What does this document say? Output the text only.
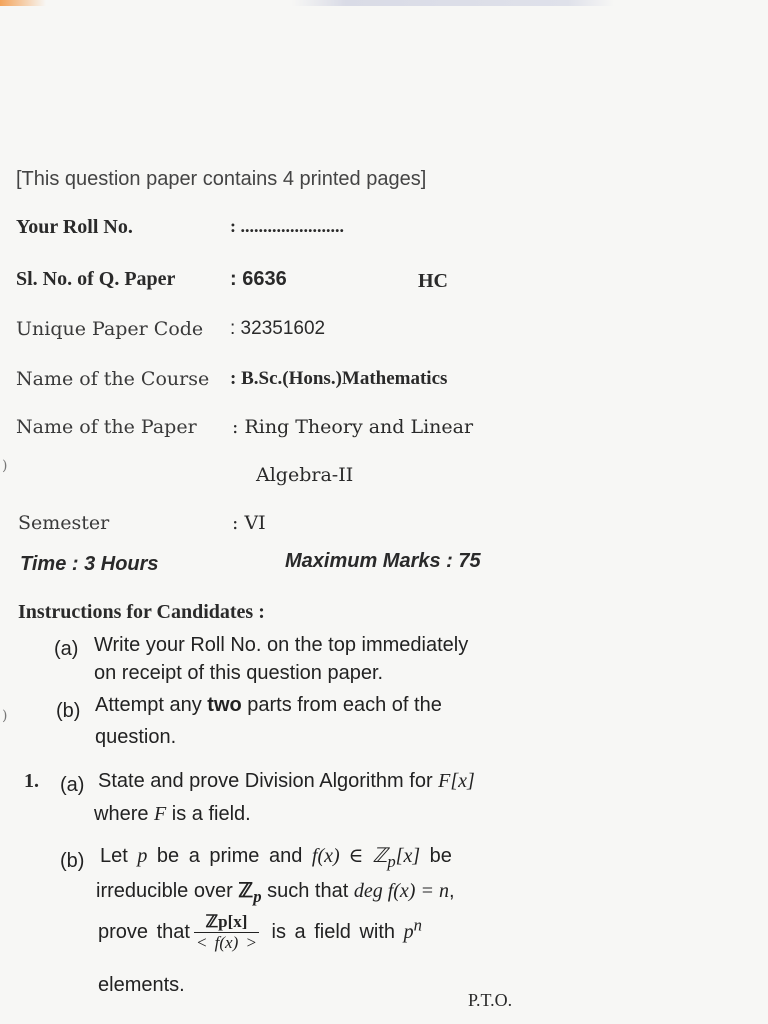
[This question paper contains 4 printed pages]
Your Roll No.	: .......................
Sl. No. of Q. Paper	: 6636	HC
Unique Paper Code : 32351602
Name of the Course : B.Sc.(Hons.)Mathematics
Name of the Paper : Ring Theory and Linear
Algebra-II
Semester	: VI
Time : 3 Hours	Maximum Marks : 75
Instructions for Candidates :
(a) Write your Roll No. on the top immediately
on receipt of this question paper.
(b) Attempt any two parts from each of the
question.
1. (a) State and prove Division Algorithm for F[x]
where F is a field.
(b) Let p be a prime and f(x) ∈ ℤ$_p$[x] be
irreducible over ℤ$_p$ such that deg f(x) = n,
prove that $\frac{\text{ℤp[x]}}{< f(x) >}$ is a field with $p^n$
elements.
P.T.O.
)
)
